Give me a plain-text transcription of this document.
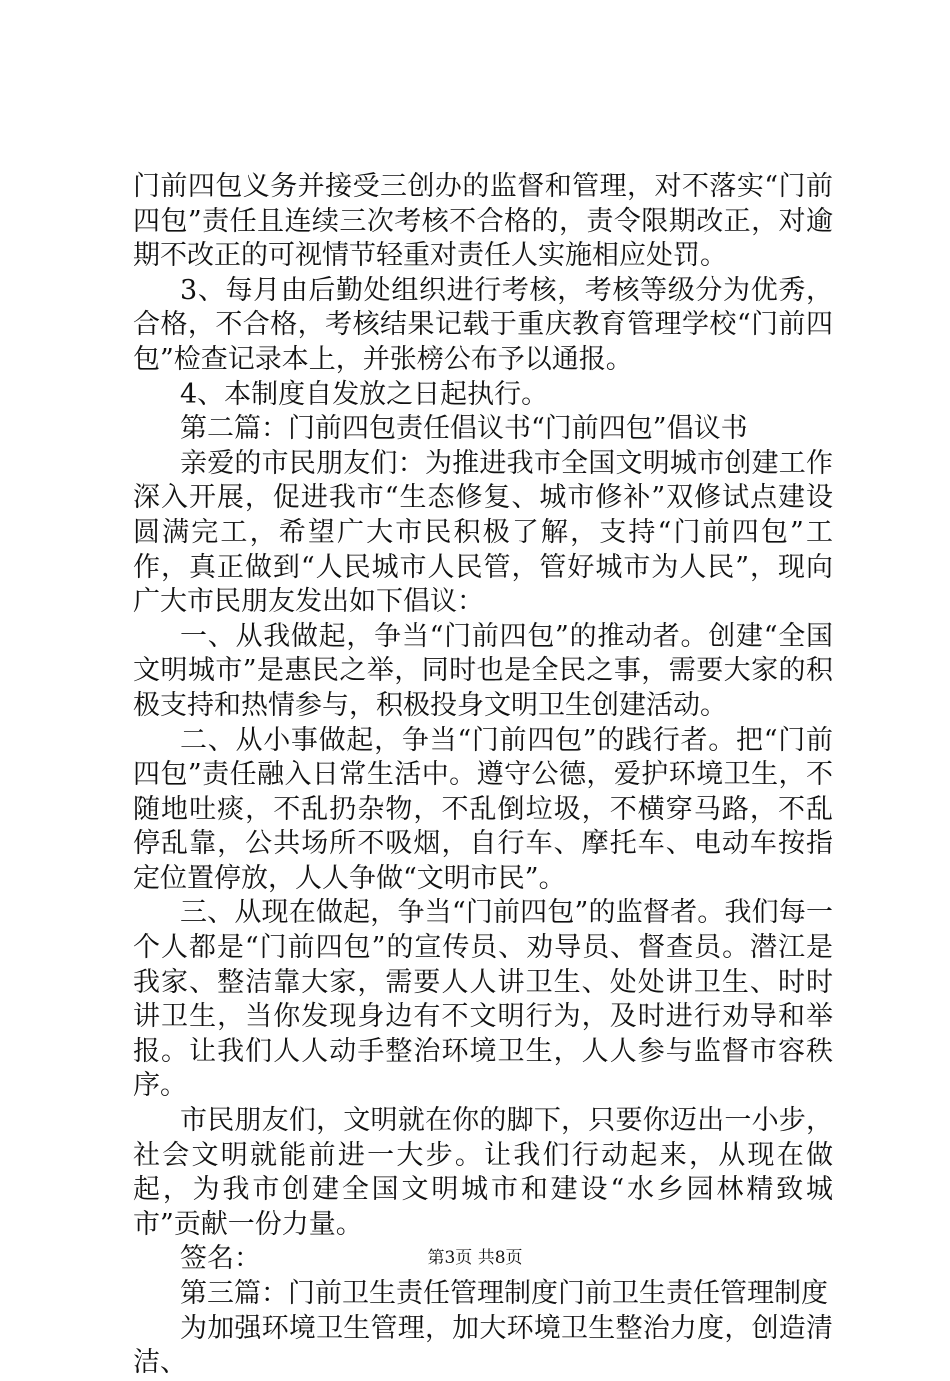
门前四包义务并接受三创办的监督和管理，对不落实“门前四包”责任且连续三次考核不合格的，责令限期改正，对逾期不改正的可视情节轻重对责任人实施相应处罚。

3、每月由后勤处组织进行考核，考核等级分为优秀，合格，不合格，考核结果记载于重庆教育管理学校“门前四包”检查记录本上，并张榜公布予以通报。

4、本制度自发放之日起执行。

第二篇：门前四包责任倡议书“门前四包”倡议书

亲爱的市民朋友们：为推进我市全国文明城市创建工作深入开展，促进我市“生态修复、城市修补”双修试点建设圆满完工，希望广大市民积极了解，支持“门前四包”工作，真正做到“人民城市人民管，管好城市为人民”，现向广大市民朋友发出如下倡议：

一、从我做起，争当“门前四包”的推动者。创建“全国文明城市”是惠民之举，同时也是全民之事，需要大家的积极支持和热情参与，积极投身文明卫生创建活动。

二、从小事做起，争当“门前四包”的践行者。把“门前四包”责任融入日常生活中。遵守公德，爱护环境卫生，不随地吐痰，不乱扔杂物，不乱倒垃圾，不横穿马路，不乱停乱靠，公共场所不吸烟，自行车、摩托车、电动车按指定位置停放，人人争做“文明市民”。

三、从现在做起，争当“门前四包”的监督者。我们每一个人都是“门前四包”的宣传员、劝导员、督查员。潜江是我家、整洁靠大家，需要人人讲卫生、处处讲卫生、时时讲卫生，当你发现身边有不文明行为，及时进行劝导和举报。让我们人人动手整治环境卫生，人人参与监督市容秩序。

市民朋友们，文明就在你的脚下，只要你迈出一小步，社会文明就能前进一大步。让我们行动起来，从现在做起，为我市创建全国文明城市和建设“水乡园林精致城市”贡献一份力量。

签名：

第三篇：门前卫生责任管理制度门前卫生责任管理制度

为加强环境卫生管理，加大环境卫生整治力度，创造清洁、

第3页 共8页
